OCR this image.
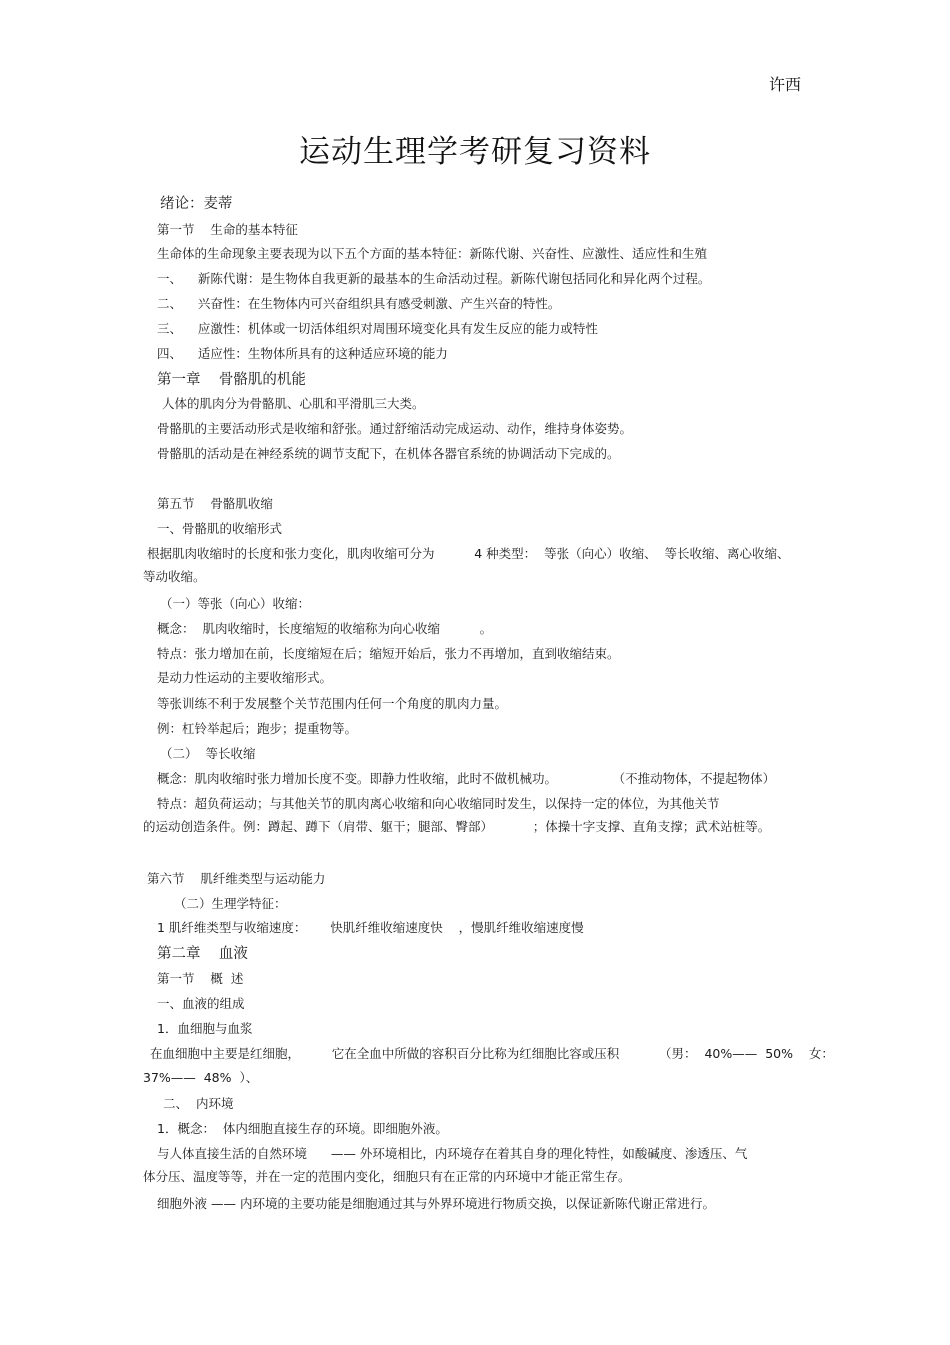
许西
运动生理学考研复习资料
绪论：麦蒂
第一节    生命的基本特征
生命体的生命现象主要表现为以下五个方面的基本特征：新陈代谢、兴奋性、应激性、适应性和生殖
一、    新陈代谢：是生物体自我更新的最基本的生命活动过程。新陈代谢包括同化和异化两个过程。
二、    兴奋性：在生物体内可兴奋组织具有感受刺激、产生兴奋的特性。
三、    应激性：机体或一切活体组织对周围环境变化具有发生反应的能力或特性
四、    适应性：生物体所具有的这种适应环境的能力
第一章    骨骼肌的机能
人体的肌肉分为骨骼肌、心肌和平滑肌三大类。
骨骼肌的主要活动形式是收缩和舒张。通过舒缩活动完成运动、动作，维持身体姿势。
骨骼肌的活动是在神经系统的调节支配下，在机体各器官系统的协调活动下完成的。
第五节    骨骼肌收缩
一、骨骼肌的收缩形式
根据肌肉收缩时的长度和张力变化，肌肉收缩可分为          4 种类型：  等张（向心）收缩、  等长收缩、离心收缩、
等动收缩。
（一）等张（向心）收缩：
概念：  肌肉收缩时，长度缩短的收缩称为向心收缩          。
特点：张力增加在前，长度缩短在后；缩短开始后，张力不再增加，直到收缩结束。
是动力性运动的主要收缩形式。
等张训练不利于发展整个关节范围内任何一个角度的肌肉力量。
例：杠铃举起后；跑步；提重物等。
（二）  等长收缩
概念：肌肉收缩时张力增加长度不变。即静力性收缩，此时不做机械功。              （不推动物体，不提起物体）
特点：超负荷运动；与其他关节的肌肉离心收缩和向心收缩同时发生，以保持一定的体位，为其他关节
的运动创造条件。例：蹲起、蹲下（肩带、躯干；腿部、臀部）          ；体操十字支撑、直角支撑；武术站桩等。
第六节    肌纤维类型与运动能力
（二）生理学特征：
1 肌纤维类型与收缩速度：      快肌纤维收缩速度快    ，慢肌纤维收缩速度慢
第二章    血液
第一节    概  述
一、血液的组成
1．血细胞与血浆
在血细胞中主要是红细胞，        它在全血中所做的容积百分比称为红细胞比容或压积          （男：  40%——  50%    女：
37%——  48%  ）、
二、  内环境
1．概念：  体内细胞直接生存的环境。即细胞外液。
与人体直接生活的自然环境      —— 外环境相比，内环境存在着其自身的理化特性，如酸碱度、渗透压、气
体分压、温度等等，并在一定的范围内变化，细胞只有在正常的内环境中才能正常生存。
细胞外液 —— 内环境的主要功能是细胞通过其与外界环境进行物质交换，以保证新陈代谢正常进行。
